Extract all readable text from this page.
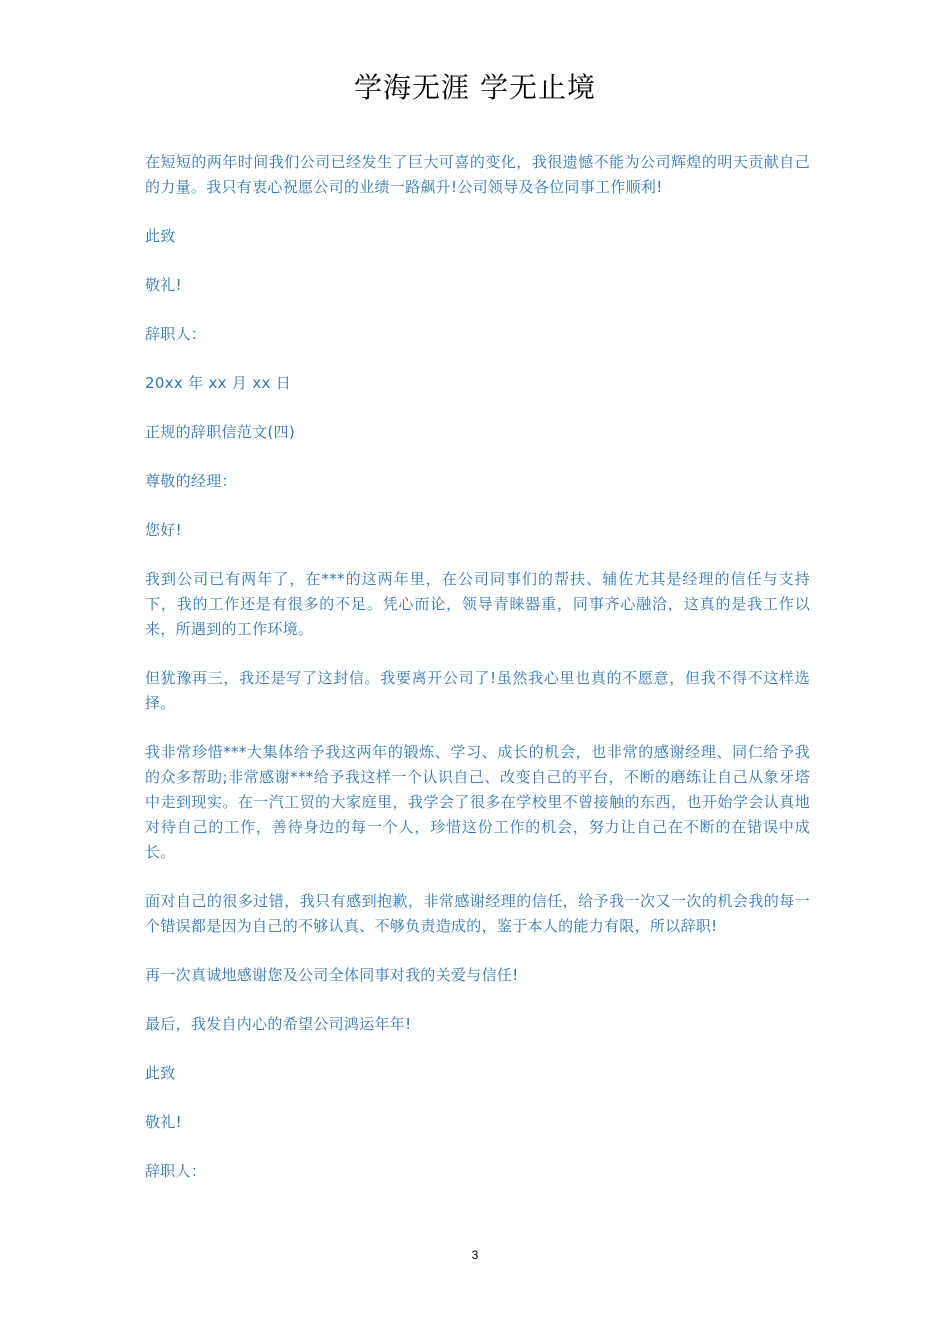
学海无涯 学无止境

在短短的两年时间我们公司已经发生了巨大可喜的变化，我很遗憾不能为公司辉煌的明天贡献自己的力量。我只有衷心祝愿公司的业绩一路飙升!公司领导及各位同事工作顺利!

此致

敬礼!

辞职人：

20xx 年 xx 月 xx 日

正规的辞职信范文(四)

尊敬的经理：

您好!

我到公司已有两年了，在***的这两年里，在公司同事们的帮扶、辅佐尤其是经理的信任与支持下，我的工作还是有很多的不足。凭心而论，领导青睐器重，同事齐心融洽，这真的是我工作以来，所遇到的工作环境。

但犹豫再三，我还是写了这封信。我要离开公司了!虽然我心里也真的不愿意，但我不得不这样选择。

我非常珍惜***大集体给予我这两年的锻炼、学习、成长的机会，也非常的感谢经理、同仁给予我的众多帮助;非常感谢***给予我这样一个认识自己、改变自己的平台，不断的磨练让自己从象牙塔中走到现实。在一汽工贸的大家庭里，我学会了很多在学校里不曾接触的东西，也开始学会认真地对待自己的工作，善待身边的每一个人，珍惜这份工作的机会，努力让自己在不断的在错误中成长。

面对自己的很多过错，我只有感到抱歉，非常感谢经理的信任，给予我一次又一次的机会我的每一个错误都是因为自己的不够认真、不够负责造成的，鉴于本人的能力有限，所以辞职!

再一次真诚地感谢您及公司全体同事对我的关爱与信任!

最后，我发自内心的希望公司鸿运年年!

此致

敬礼!

辞职人：

3
